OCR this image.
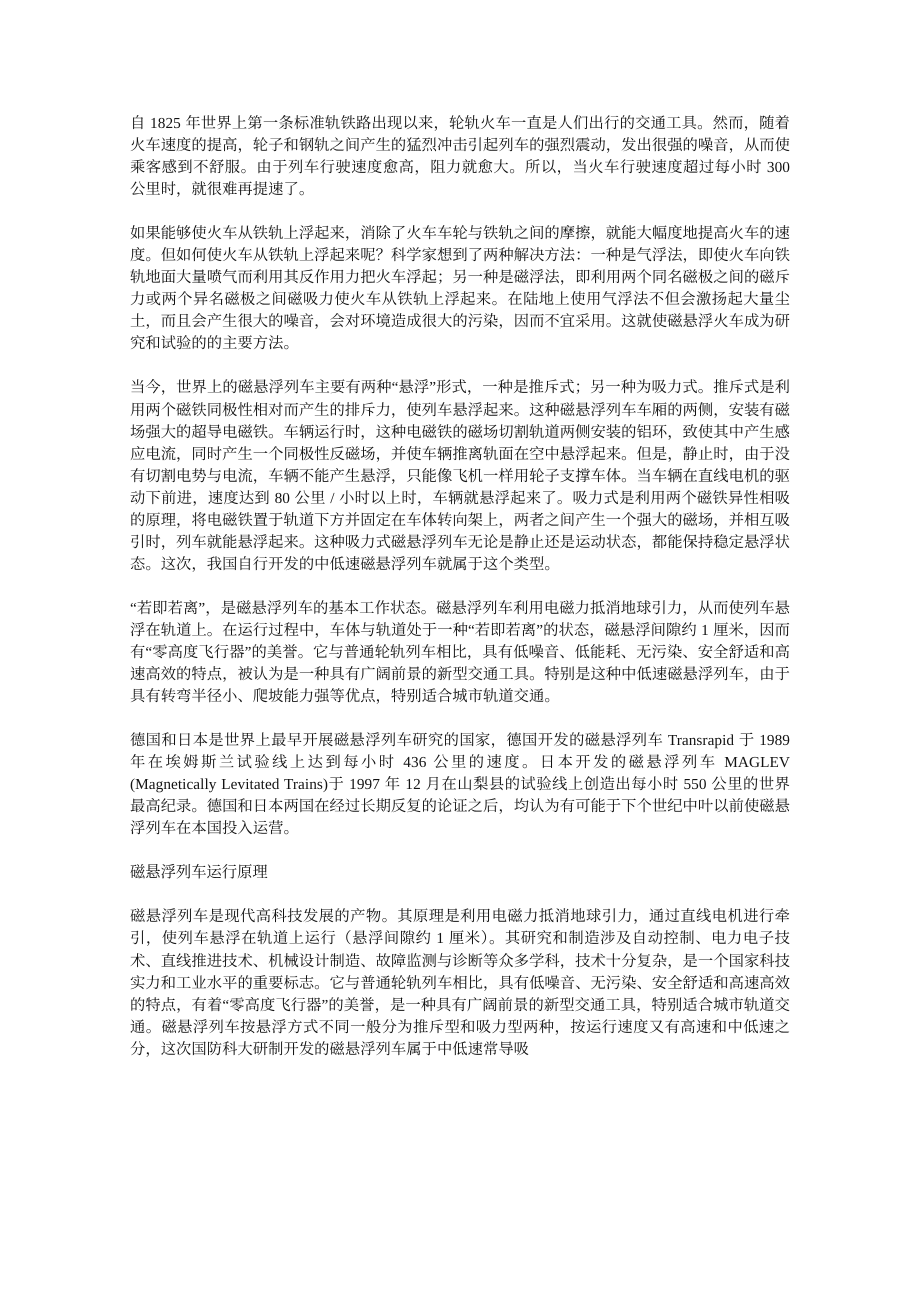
自 1825 年世界上第一条标准轨铁路出现以来，轮轨火车一直是人们出行的交通工具。然而，随着火车速度的提高，轮子和钢轨之间产生的猛烈冲击引起列车的强烈震动，发出很强的噪音，从而使乘客感到不舒服。由于列车行驶速度愈高，阻力就愈大。所以，当火车行驶速度超过每小时 300 公里时，就很难再提速了。

如果能够使火车从铁轨上浮起来，消除了火车车轮与铁轨之间的摩擦，就能大幅度地提高火车的速度。但如何使火车从铁轨上浮起来呢？科学家想到了两种解决方法：一种是气浮法，即使火车向铁轨地面大量喷气而利用其反作用力把火车浮起；另一种是磁浮法，即利用两个同名磁极之间的磁斥力或两个异名磁极之间磁吸力使火车从铁轨上浮起来。在陆地上使用气浮法不但会激扬起大量尘土，而且会产生很大的噪音，会对环境造成很大的污染，因而不宜采用。这就使磁悬浮火车成为研究和试验的的主要方法。

当今，世界上的磁悬浮列车主要有两种“悬浮”形式，一种是推斥式；另一种为吸力式。推斥式是利用两个磁铁同极性相对而产生的排斥力，使列车悬浮起来。这种磁悬浮列车车厢的两侧，安装有磁场强大的超导电磁铁。车辆运行时，这种电磁铁的磁场切割轨道两侧安装的铝环，致使其中产生感应电流，同时产生一个同极性反磁场，并使车辆推离轨面在空中悬浮起来。但是，静止时，由于没有切割电势与电流，车辆不能产生悬浮，只能像飞机一样用轮子支撑车体。当车辆在直线电机的驱动下前进，速度达到 80 公里 / 小时以上时，车辆就悬浮起来了。吸力式是利用两个磁铁异性相吸的原理，将电磁铁置于轨道下方并固定在车体转向架上，两者之间产生一个强大的磁场，并相互吸引时，列车就能悬浮起来。这种吸力式磁悬浮列车无论是静止还是运动状态，都能保持稳定悬浮状态。这次，我国自行开发的中低速磁悬浮列车就属于这个类型。

“若即若离”，是磁悬浮列车的基本工作状态。磁悬浮列车利用电磁力抵消地球引力，从而使列车悬浮在轨道上。在运行过程中，车体与轨道处于一种“若即若离”的状态，磁悬浮间隙约 1 厘米，因而有“零高度飞行器”的美誉。它与普通轮轨列车相比，具有低噪音、低能耗、无污染、安全舒适和高速高效的特点，被认为是一种具有广阔前景的新型交通工具。特别是这种中低速磁悬浮列车，由于具有转弯半径小、爬坡能力强等优点，特别适合城市轨道交通。

德国和日本是世界上最早开展磁悬浮列车研究的国家，德国开发的磁悬浮列车 Transrapid 于 1989 年在埃姆斯兰试验线上达到每小时 436 公里的速度。日本开发的磁悬浮列车 MAGLEV (Magnetically Levitated Trains)于 1997 年 12 月在山梨县的试验线上创造出每小时 550 公里的世界最高纪录。德国和日本两国在经过长期反复的论证之后，均认为有可能于下个世纪中叶以前使磁悬浮列车在本国投入运营。

磁悬浮列车运行原理

磁悬浮列车是现代高科技发展的产物。其原理是利用电磁力抵消地球引力，通过直线电机进行牵引，使列车悬浮在轨道上运行（悬浮间隙约 1 厘米）。其研究和制造涉及自动控制、电力电子技术、直线推进技术、机械设计制造、故障监测与诊断等众多学科，技术十分复杂，是一个国家科技实力和工业水平的重要标志。它与普通轮轨列车相比，具有低噪音、无污染、安全舒适和高速高效的特点，有着“零高度飞行器”的美誉，是一种具有广阔前景的新型交通工具，特别适合城市轨道交通。磁悬浮列车按悬浮方式不同一般分为推斥型和吸力型两种，按运行速度又有高速和中低速之分，这次国防科大研制开发的磁悬浮列车属于中低速常导吸
